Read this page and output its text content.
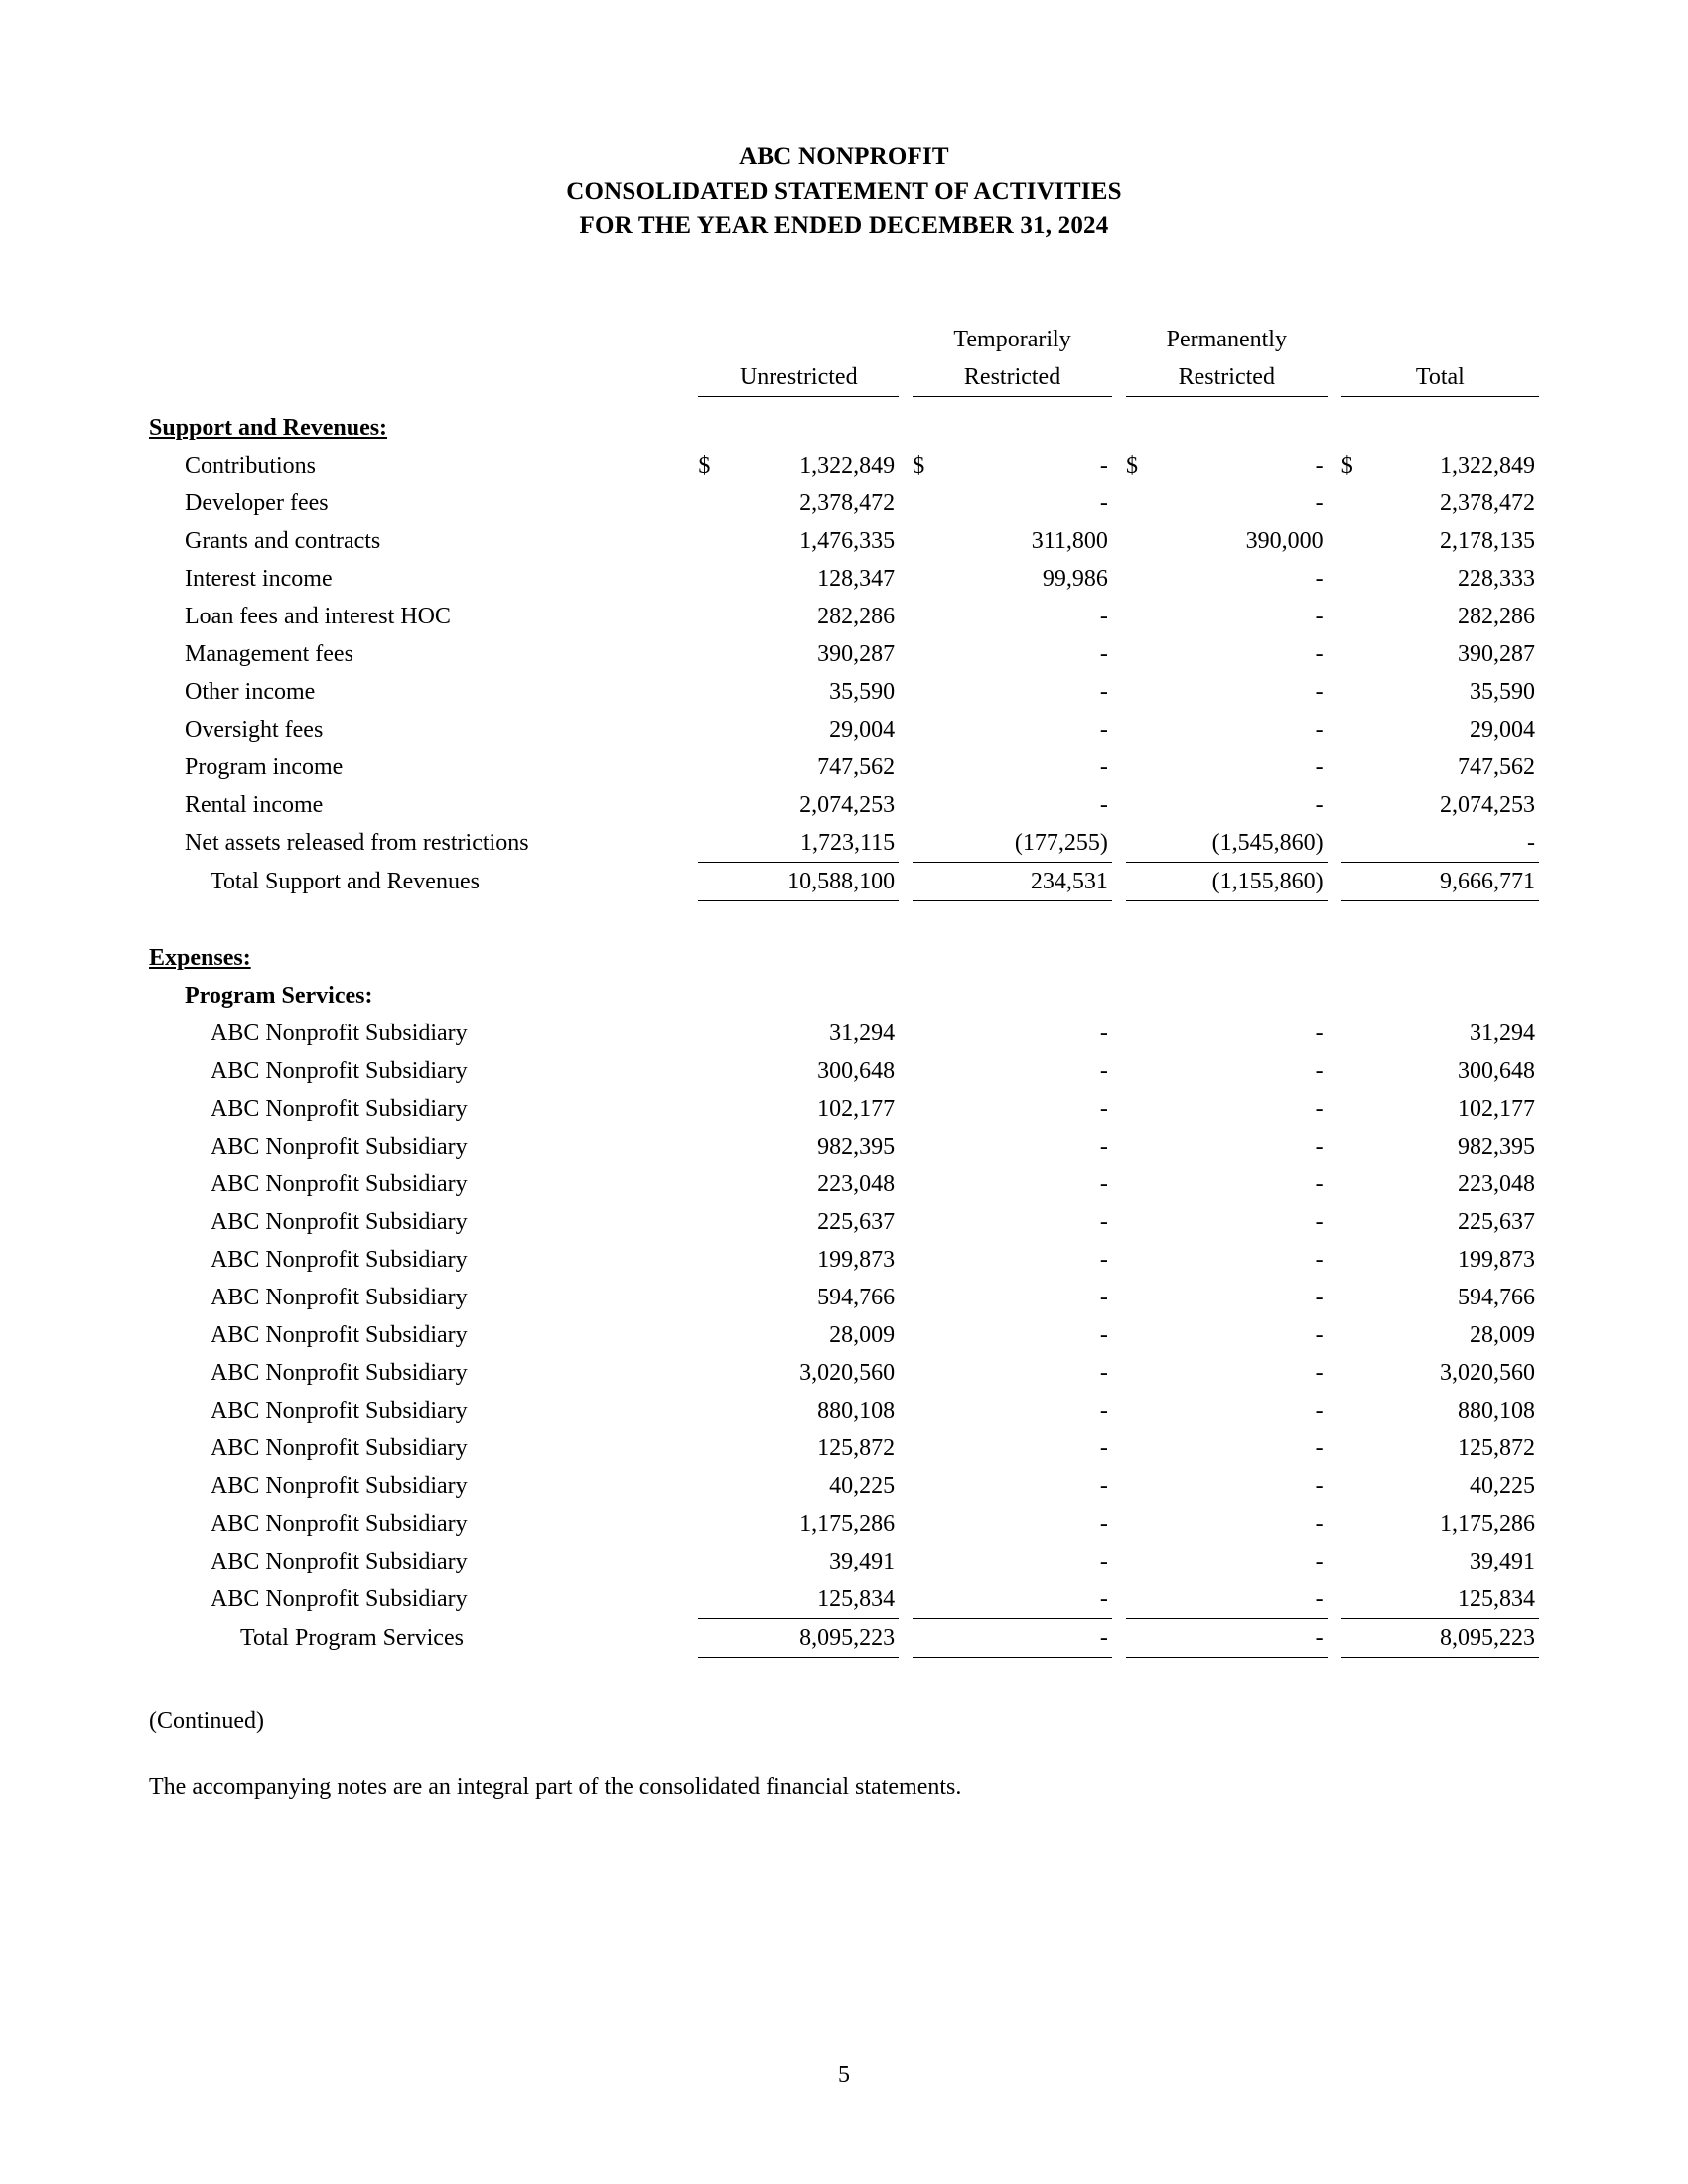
ABC NONPROFIT
CONSOLIDATED STATEMENT OF ACTIVITIES
FOR THE YEAR ENDED DECEMBER 31, 2024
				Temporarily			Permanently				
	Unrestricted			Restricted			Restricted			Total	
Support and Revenues:											
Contributions	$	1,322,849		$	-		$	-		$	1,322,849
Developer fees		2,378,472			-			-			2,378,472
Grants and contracts		1,476,335			311,800			390,000			2,178,135
Interest income		128,347			99,986			-			228,333
Loan fees and interest HOC		282,286			-			-			282,286
Management fees		390,287			-			-			390,287
Other income		35,590			-			-			35,590
Oversight fees		29,004			-			-			29,004
Program income		747,562			-			-			747,562
Rental income		2,074,253			-			-			2,074,253
Net assets released from restrictions		1,723,115			(177,255)			(1,545,860)			-
Total Support and Revenues		10,588,100			234,531			(1,155,860)			9,666,771

Expenses:											
Program Services:											
ABC Nonprofit Subsidiary		31,294			-			-			31,294
ABC Nonprofit Subsidiary		300,648			-			-			300,648
ABC Nonprofit Subsidiary		102,177			-			-			102,177
ABC Nonprofit Subsidiary		982,395			-			-			982,395
ABC Nonprofit Subsidiary		223,048			-			-			223,048
ABC Nonprofit Subsidiary		225,637			-			-			225,637
ABC Nonprofit Subsidiary		199,873			-			-			199,873
ABC Nonprofit Subsidiary		594,766			-			-			594,766
ABC Nonprofit Subsidiary		28,009			-			-			28,009
ABC Nonprofit Subsidiary		3,020,560			-			-			3,020,560
ABC Nonprofit Subsidiary		880,108			-			-			880,108
ABC Nonprofit Subsidiary		125,872			-			-			125,872
ABC Nonprofit Subsidiary		40,225			-			-			40,225
ABC Nonprofit Subsidiary		1,175,286			-			-			1,175,286
ABC Nonprofit Subsidiary		39,491			-			-			39,491
ABC Nonprofit Subsidiary		125,834			-			-			125,834
Total Program Services		8,095,223			-			-			8,095,223
(Continued)
The accompanying notes are an integral part of the consolidated financial statements.
5
